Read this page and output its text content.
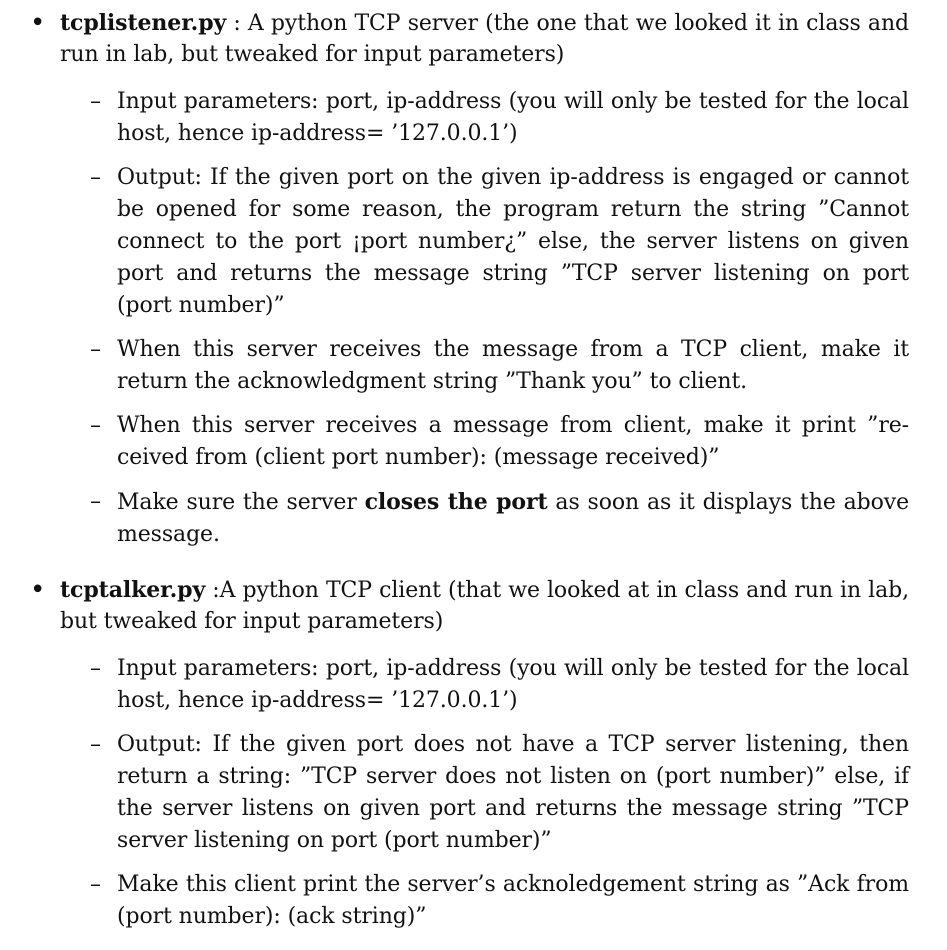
• tcplistener.py : A python TCP server (the one that we looked it in class and run in lab, but tweaked for input parameters)
– Input parameters: port, ip-address (you will only be tested for the local host, hence ip-address= ’127.0.0.1’)
– Output: If the given port on the given ip-address is engaged or cannot be opened for some reason, the program return the string ”Cannot connect to the port ¡port number¿” else, the server listens on given port and returns the message string ”TCP server listening on port (port number)”
– When this server receives the message from a TCP client, make it return the acknowledgment string ”Thank you” to client.
– When this server receives a message from client, make it print ”re-ceived from (client port number): (message received)”
– Make sure the server closes the port as soon as it displays the above message.
• tcptalker.py :A python TCP client (that we looked at in class and run in lab, but tweaked for input parameters)
– Input parameters: port, ip-address (you will only be tested for the local host, hence ip-address= ’127.0.0.1’)
– Output: If the given port does not have a TCP server listening, then return a string: ”TCP server does not listen on (port number)” else, if the server listens on given port and returns the message string ”TCP server listening on port (port number)”
– Make this client print the server’s acknoledgement string as ”Ack from (port number): (ack string)”
